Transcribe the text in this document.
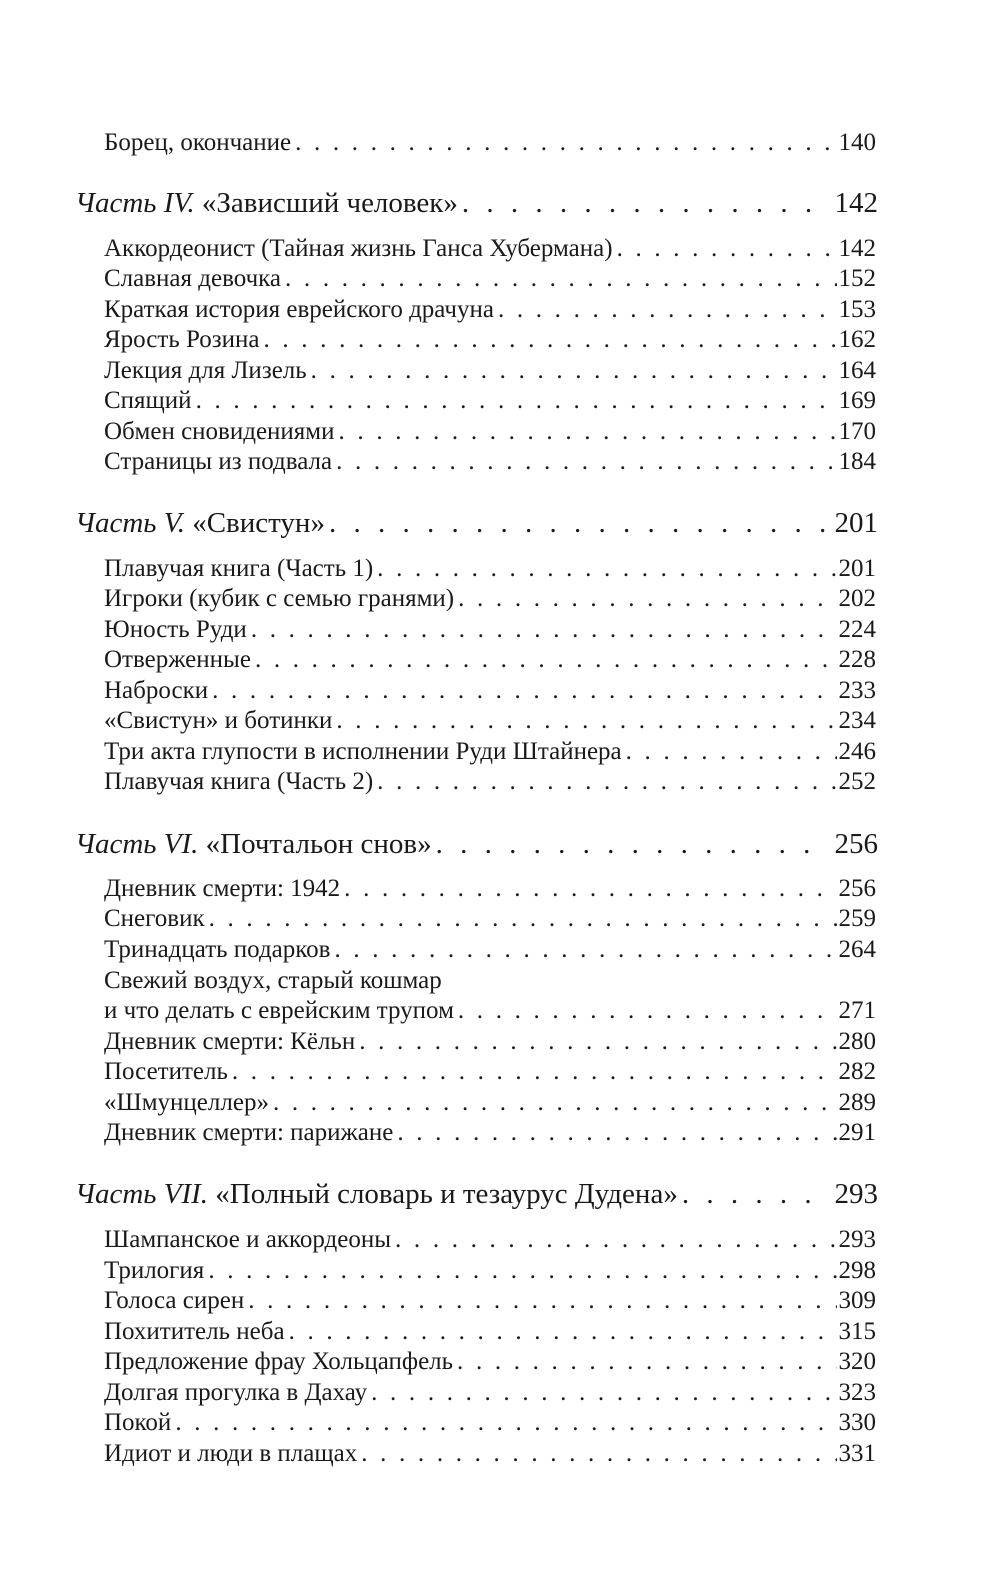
Борец, окончание . . .	140
Часть IV. «Зависший человек» . . .	142
Аккордеонист (Тайная жизнь Ганса Хубермана) . . .	142
Славная девочка . . .	152
Краткая история еврейского драчуна . . .	153
Ярость Розина . . .	162
Лекция для Лизель . . .	164
Спящий . . .	169
Обмен сновидениями . . .	170
Страницы из подвала . . .	184
Часть V. «Свистун» . . .	201
Плавучая книга (Часть 1) . . .	201
Игроки (кубик с семью гранями) . . .	202
Юность Руди . . .	224
Отверженные . . .	228
Наброски . . .	233
«Свистун» и ботинки . . .	234
Три акта глупости в исполнении Руди Штайнера . . .	246
Плавучая книга (Часть 2) . . .	252
Часть VI. «Почтальон снов» . . .	256
Дневник смерти: 1942 . . .	256
Снеговик . . .	259
Тринадцать подарков . . .	264
Свежий воздух, старый кошмар
и что делать с еврейским трупом . . .	271
Дневник смерти: Кёльн . . .	280
Посетитель . . .	282
«Шмунцеллер» . . .	289
Дневник смерти: парижане . . .	291
Часть VII. «Полный словарь и тезаурус Дудена» . . .	293
Шампанское и аккордеоны . . .	293
Трилогия . . .	298
Голоса сирен . . .	309
Похититель неба . . .	315
Предложение фрау Хольцапфель . . .	320
Долгая прогулка в Дахау . . .	323
Покой . . .	330
Идиот и люди в плащах . . .	331
